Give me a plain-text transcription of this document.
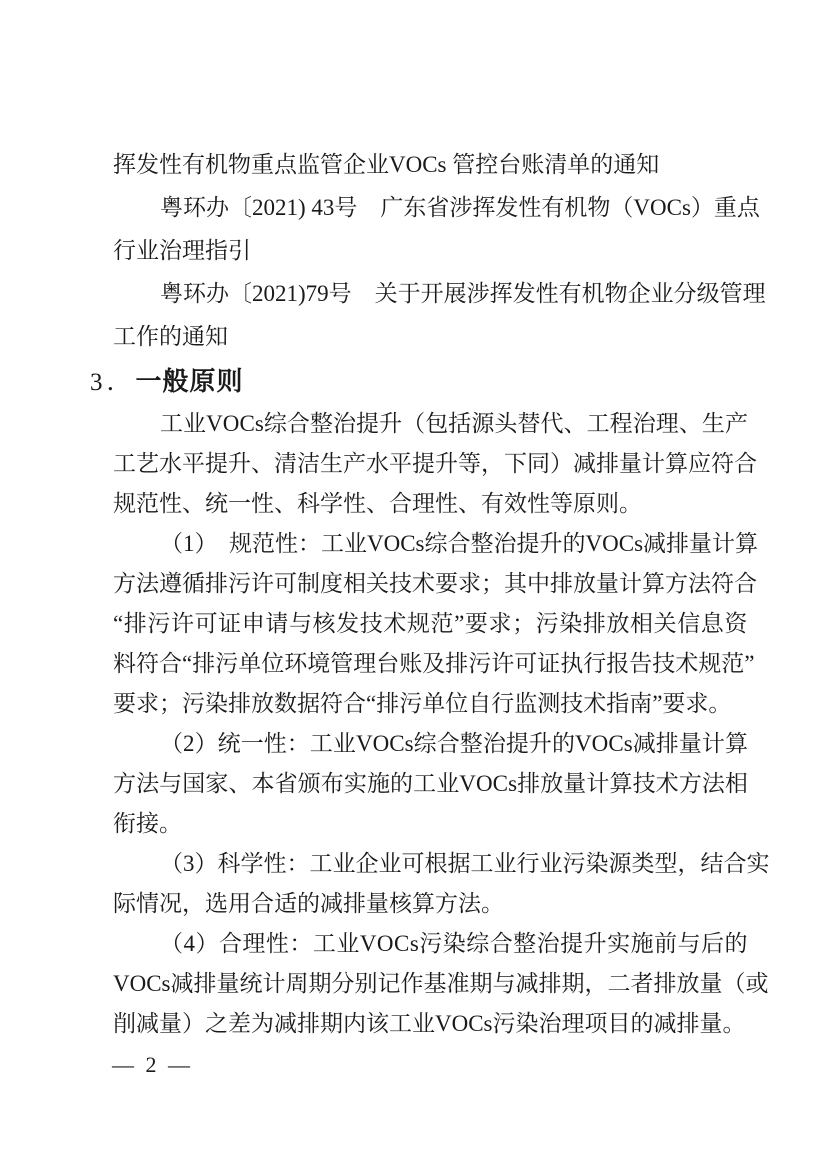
挥发性有机物重点监管企业VOCs 管控台账清单的通知
粤环办〔2021) 43号　广东省涉挥发性有机物（VOCs）重点
行业治理指引
粤环办〔2021)79号　关于开展涉挥发性有机物企业分级管理
工作的通知
3．一般原则
工业VOCs综合整治提升（包括源头替代、工程治理、生产
工艺水平提升、清洁生产水平提升等，下同）减排量计算应符合
规范性、统一性、科学性、合理性、有效性等原则。
（1）　规范性：工业VOCs综合整治提升的VOCs减排量计算
方法遵循排污许可制度相关技术要求；其中排放量计算方法符合
“排污许可证申请与核发技术规范”要求；污染排放相关信息资
料符合“排污单位环境管理台账及排污许可证执行报告技术规范”
要求；污染排放数据符合“排污单位自行监测技术指南”要求。
（2）统一性：工业VOCs综合整治提升的VOCs减排量计算
方法与国家、本省颁布实施的工业VOCs排放量计算技术方法相
衔接。
（3）科学性：工业企业可根据工业行业污染源类型，结合实
际情况，选用合适的减排量核算方法。
（4）合理性：工业VOCs污染综合整治提升实施前与后的
VOCs减排量统计周期分别记作基准期与减排期，二者排放量（或
削减量）之差为减排期内该工业VOCs污染治理项目的减排量。
— 2 —
